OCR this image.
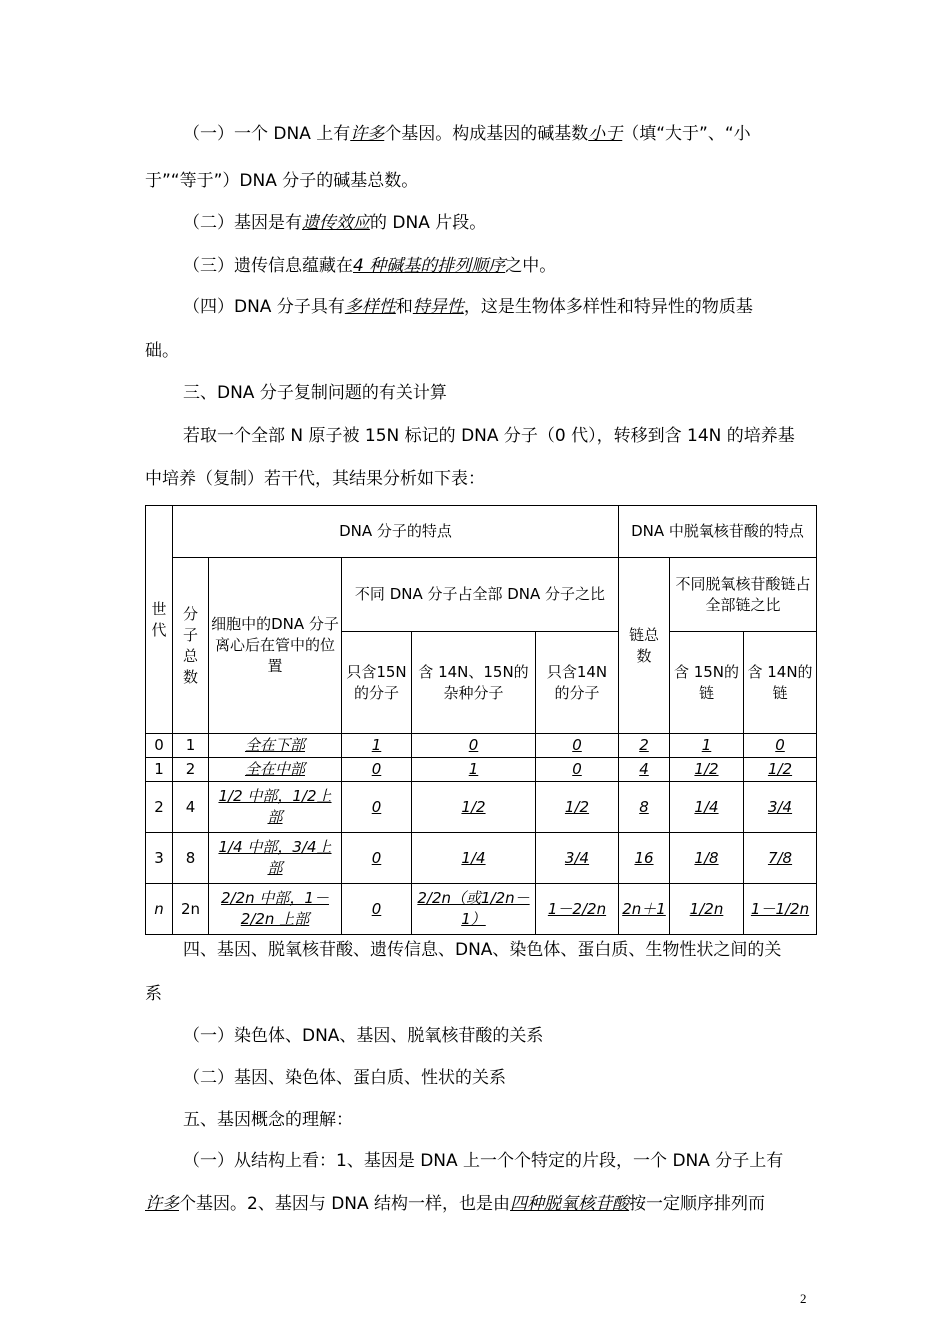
（一）一个 DNA 上有许多个基因。构成基因的碱基数小于（填“大于”、“小
于”“等于”）DNA 分子的碱基总数。
（二）基因是有遗传效应的 DNA 片段。
（三）遗传信息蕴藏在4 种碱基的排列顺序之中。
（四）DNA 分子具有多样性和特异性，这是生物体多样性和特异性的物质基
础。
三、DNA 分子复制问题的有关计算
若取一个全部 N 原子被 15N 标记的 DNA 分子（0 代），转移到含 14N 的培养基
中培养（复制）若干代，其结果分析如下表：
世代	DNA 分子的特点					DNA 中脱氧核苷酸的特点		
	分子总数	细胞中的DNA 分子离心后在管中的位置	不同 DNA 分子占全部 DNA 分子之比			链总数	不同脱氧核苷酸链占全部链之比	
			只含15N的分子	含 14N、15N的杂种分子	只含14N 的分子		含 15N的链	含 14N的链
0	1	全在下部	1	0	0	2	1	0
1	2	全在中部	0	1	0	4	1/2	1/2
2	4	1/2 中部，1/2上部	0	1/2	1/2	8	1/4	3/4
3	8	1/4 中部，3/4上部	0	1/4	3/4	16	1/8	7/8
n	2n	2/2n 中部，1－2/2n 上部	0	2/2n（或1/2n－1）	1－2/2n	2n＋1	1/2n	1－1/2n
四、基因、脱氧核苷酸、遗传信息、DNA、染色体、蛋白质、生物性状之间的关
系
（一）染色体、DNA、基因、脱氧核苷酸的关系
（二）基因、染色体、蛋白质、性状的关系
五、基因概念的理解：
（一）从结构上看：1、基因是 DNA 上一个个特定的片段，一个 DNA 分子上有
许多个基因。2、基因与 DNA 结构一样，也是由四种脱氧核苷酸按一定顺序排列而
2
